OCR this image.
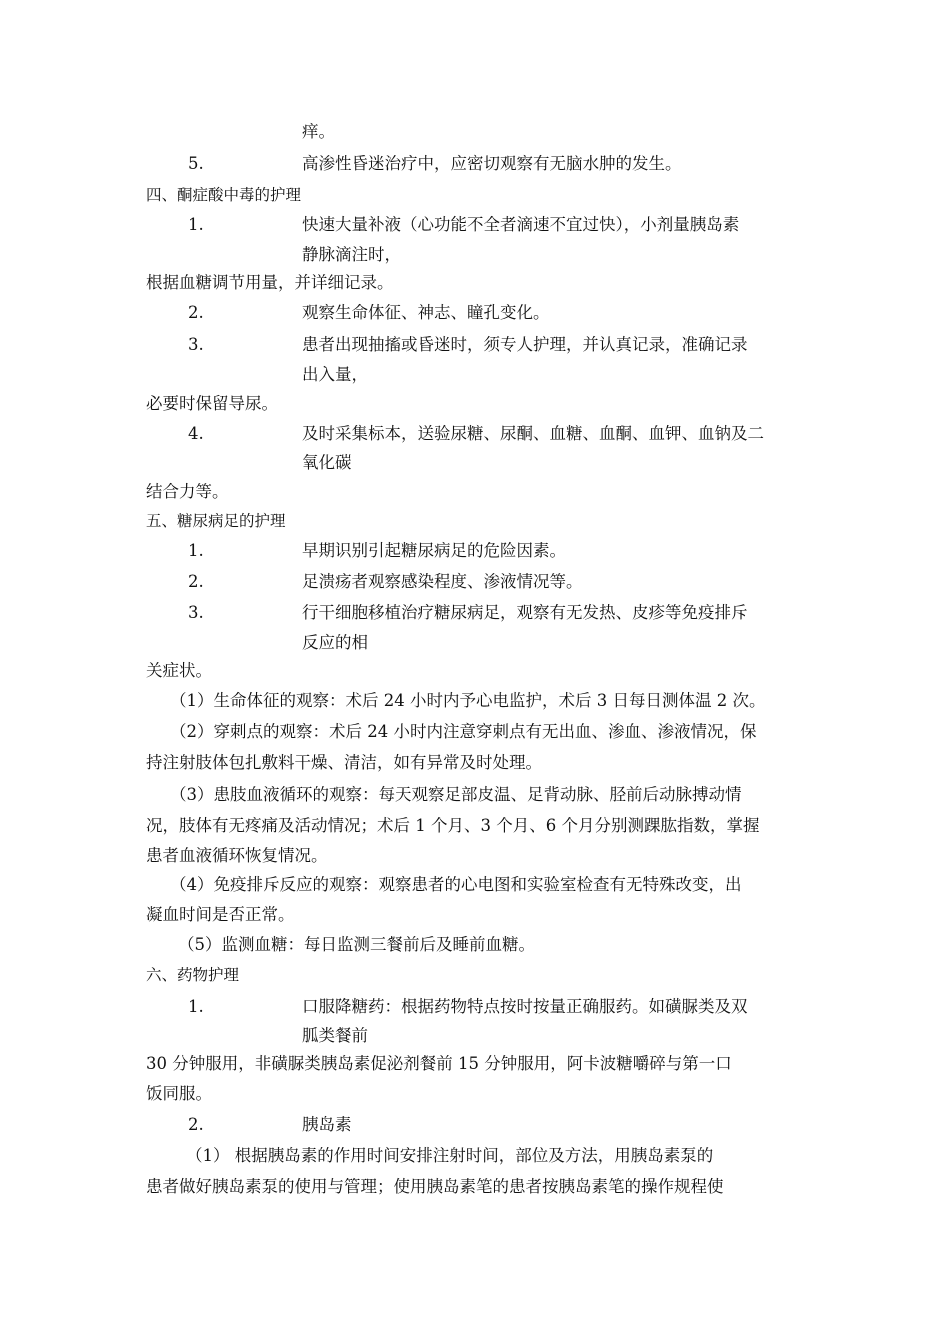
痒。
5.	高渗性昏迷治疗中，应密切观察有无脑水肿的发生。
四、酮症酸中毒的护理
1.	快速大量补液（心功能不全者滴速不宜过快），小剂量胰岛素
静脉滴注时，
根据血糖调节用量，并详细记录。
2.	观察生命体征、神志、瞳孔变化。
3.	患者出现抽搐或昏迷时，须专人护理，并认真记录，准确记录
出入量，
必要时保留导尿。
4.	及时采集标本，送验尿糖、尿酮、血糖、血酮、血钾、血钠及二
氧化碳
结合力等。
五、糖尿病足的护理
1.	早期识别引起糖尿病足的危险因素。
2.	足溃疡者观察感染程度、渗液情况等。
3.	行干细胞移植治疗糖尿病足，观察有无发热、皮疹等免疫排斥
反应的相
关症状。
（1）生命体征的观察：术后 24 小时内予心电监护，术后 3 日每日测体温 2 次。
（2）穿刺点的观察：术后 24 小时内注意穿刺点有无出血、渗血、渗液情况，保
持注射肢体包扎敷料干燥、清洁，如有异常及时处理。
（3）患肢血液循环的观察：每天观察足部皮温、足背动脉、胫前后动脉搏动情
况，肢体有无疼痛及活动情况；术后 1 个月、3 个月、6 个月分别测踝肱指数，掌握
患者血液循环恢复情况。
（4）免疫排斥反应的观察：观察患者的心电图和实验室检查有无特殊改变，出
凝血时间是否正常。
（5）监测血糖：每日监测三餐前后及睡前血糖。
六、药物护理
1.	口服降糖药：根据药物特点按时按量正确服药。如磺脲类及双
胍类餐前
30 分钟服用，非磺脲类胰岛素促泌剂餐前 15 分钟服用，阿卡波糖嚼碎与第一口
饭同服。
2.	胰岛素
（1） 根据胰岛素的作用时间安排注射时间，部位及方法，用胰岛素泵的
患者做好胰岛素泵的使用与管理；使用胰岛素笔的患者按胰岛素笔的操作规程使
